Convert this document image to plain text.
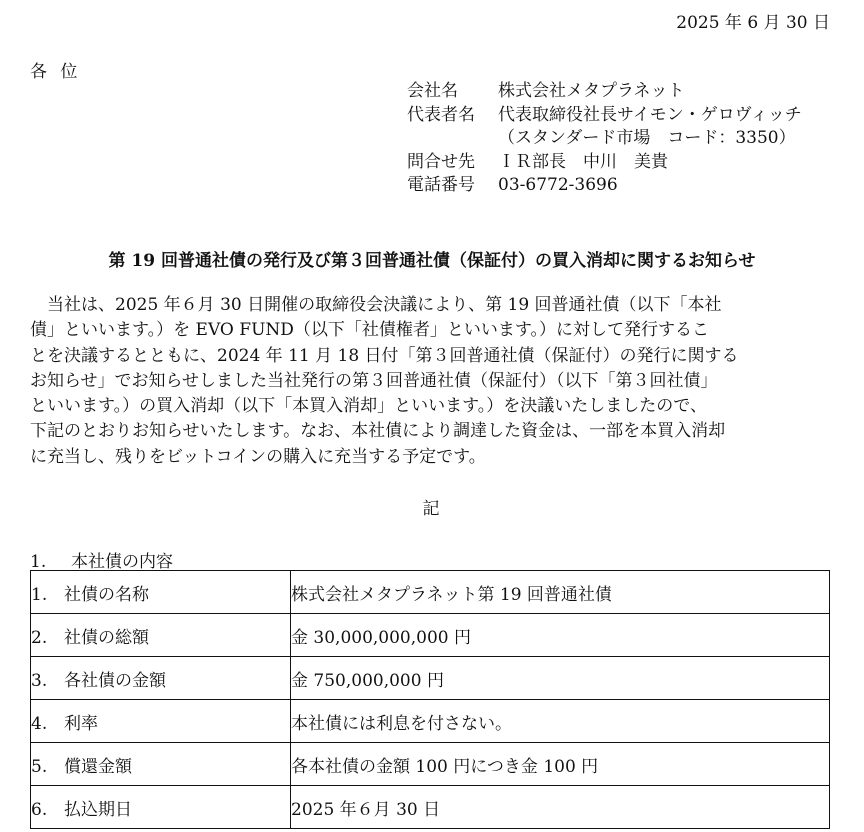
2025 年 6 月 30 日
各 位
会社名	株式会社メタプラネット
代表者名	代表取締役社長サイモン・ゲロヴィッチ
（スタンダード市場　コード：3350）
問合せ先	ＩＲ部長　中川　美貴
電話番号	03-6772-3696
第 19 回普通社債の発行及び第３回普通社債（保証付）の買入消却に関するお知らせ
　当社は、2025 年６月 30 日開催の取締役会決議により、第 19 回普通社債（以下「本社
債」といいます。）を EVO FUND（以下「社債権者」といいます。）に対して発行するこ
とを決議するとともに、2024 年 11 月 18 日付「第３回普通社債（保証付）の発行に関する
お知らせ」でお知らせしました当社発行の第３回普通社債（保証付）（以下「第３回社債」
といいます。）の買入消却（以下「本買入消却」といいます。）を決議いたしましたので、
下記のとおりお知らせいたします。なお、本社債により調達した資金は、一部を本買入消却
に充当し、残りをビットコインの購入に充当する予定です。
記
1. 本社債の内容
1. 社債の名称	株式会社メタプラネット第 19 回普通社債
2. 社債の総額	金 30,000,000,000 円
3. 各社債の金額	金 750,000,000 円
4. 利率	本社債には利息を付さない。
5. 償還金額	各本社債の金額 100 円につき金 100 円
6. 払込期日	2025 年６月 30 日
